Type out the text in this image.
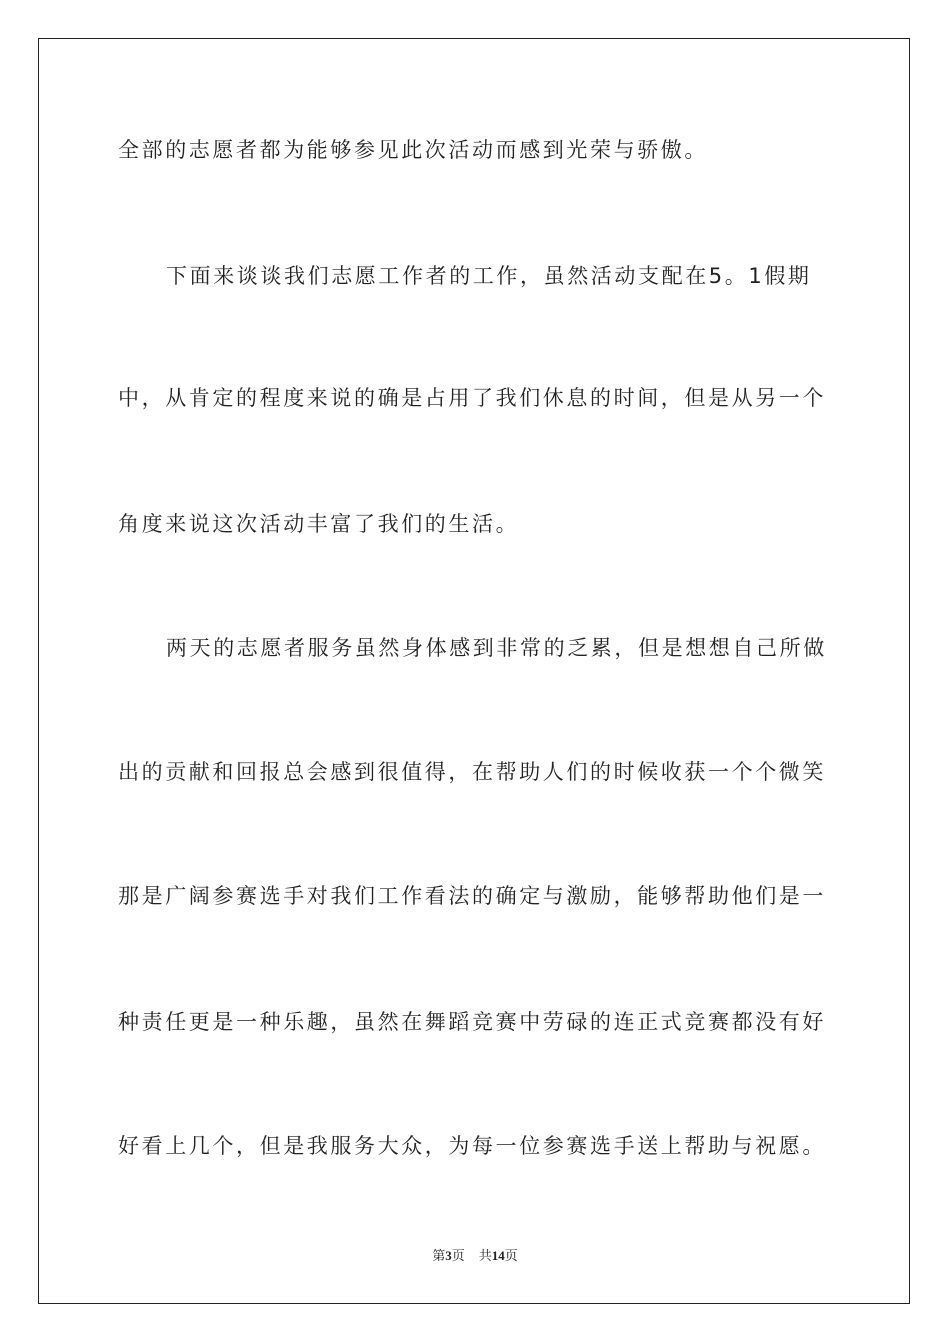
全部的志愿者都为能够参见此次活动而感到光荣与骄傲。
下面来谈谈我们志愿工作者的工作，虽然活动支配在5。1假期
中，从肯定的程度来说的确是占用了我们休息的时间，但是从另一个
角度来说这次活动丰富了我们的生活。
两天的志愿者服务虽然身体感到非常的乏累，但是想想自己所做
出的贡献和回报总会感到很值得，在帮助人们的时候收获一个个微笑
那是广阔参赛选手对我们工作看法的确定与激励，能够帮助他们是一
种责任更是一种乐趣，虽然在舞蹈竞赛中劳碌的连正式竞赛都没有好
好看上几个，但是我服务大众，为每一位参赛选手送上帮助与祝愿。
第3页 共14页
